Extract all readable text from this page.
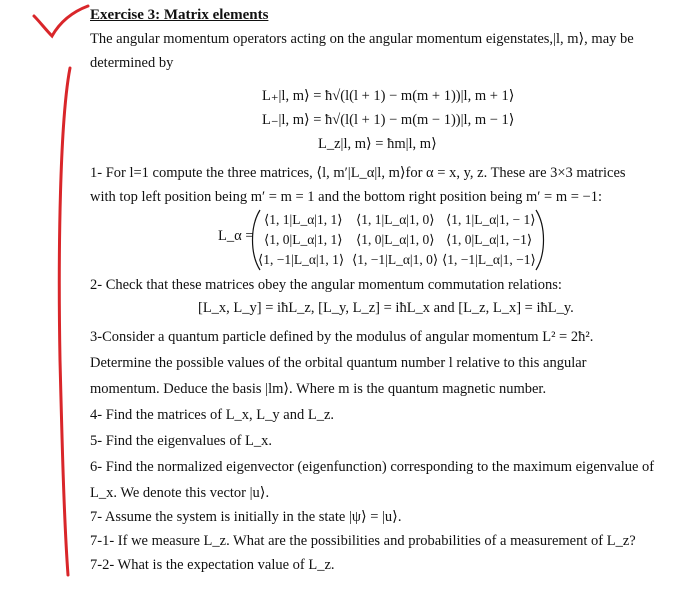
Exercise 3: Matrix elements
The angular momentum operators acting on the angular momentum eigenstates,|l, m⟩, may be
determined by
L₊|l, m⟩ = ħ√(l(l + 1) − m(m + 1))|l, m + 1⟩
L₋|l, m⟩ = ħ√(l(l + 1) − m(m − 1))|l, m − 1⟩
L_z|l, m⟩ = ħm|l, m⟩
1- For l=1 compute the three matrices, ⟨l, m′|L_α|l, m⟩for α = x, y, z. These are 3×3 matrices
with top left position being m′ = m = 1 and the bottom right position being m′ = m = −1:
L_α =
⟨1, 1|L_α|1, 1⟩ ⟨1, 1|L_α|1, 0⟩ ⟨1, 1|L_α|1, − 1⟩
⟨1, 0|L_α|1, 1⟩ ⟨1, 0|L_α|1, 0⟩ ⟨1, 0|L_α|1, −1⟩
⟨1, −1|L_α|1, 1⟩ ⟨1, −1|L_α|1, 0⟩ ⟨1, −1|L_α|1, −1⟩
2- Check that these matrices obey the angular momentum commutation relations:
[L_x, L_y] = iħL_z, [L_y, L_z] = iħL_x and [L_z, L_x] = iħL_y.
3-Consider a quantum particle defined by the modulus of angular momentum L² = 2ħ².
Determine the possible values of the orbital quantum number l relative to this angular
momentum. Deduce the basis |lm⟩. Where m is the quantum magnetic number.
4- Find the matrices of L_x, L_y and L_z.
5- Find the eigenvalues of L_x.
6- Find the normalized eigenvector (eigenfunction) corresponding to the maximum eigenvalue of
L_x. We denote this vector |u⟩.
7- Assume the system is initially in the state |ψ⟩ = |u⟩.
7-1- If we measure L_z. What are the possibilities and probabilities of a measurement of L_z?
7-2- What is the expectation value of L_z.
